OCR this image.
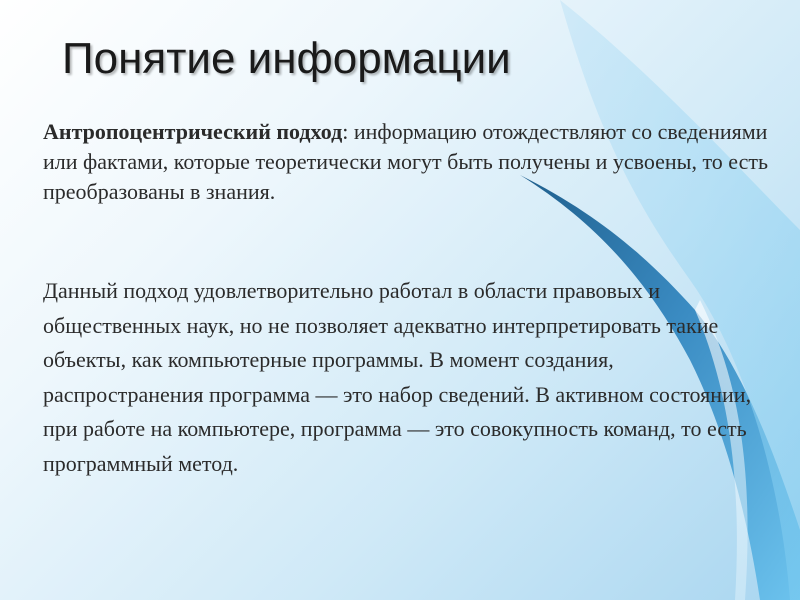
Понятие информации

Антропоцентрический подход: информацию отождествляют со сведениями или фактами, которые теоретически могут быть получены и усвоены, то есть преобразованы в знания.

Данный подход удовлетворительно работал в области правовых и общественных наук, но не позволяет адекватно интерпретировать такие объекты, как компьютерные программы. В момент создания, распространения программа — это набор сведений. В активном состоянии, при работе на компьютере, программа — это совокупность команд, то есть программный метод.
